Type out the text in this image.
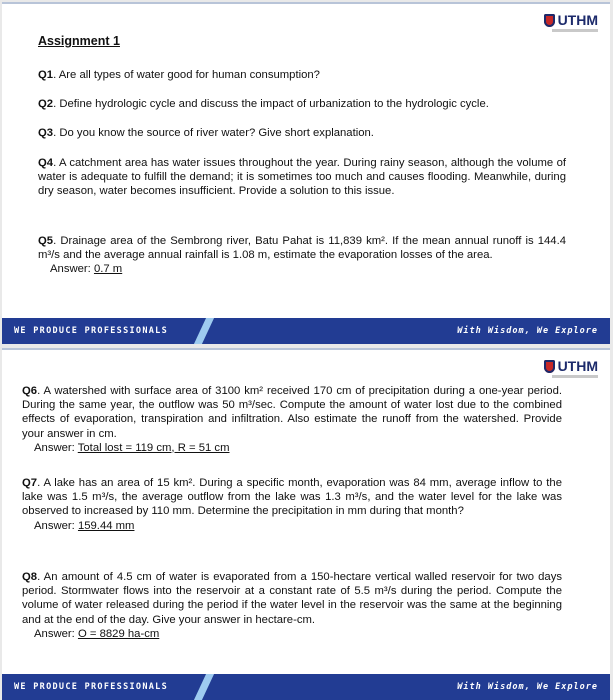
UTHM
Assignment 1
Q1. Are all types of water good for human consumption?
Q2. Define hydrologic cycle and discuss the impact of urbanization to the hydrologic cycle.
Q3. Do you know the source of river water? Give short explanation.
Q4. A catchment area has water issues throughout the year. During rainy season, although the volume of water is adequate to fulfill the demand; it is sometimes too much and causes flooding. Meanwhile, during dry season, water becomes insufficient. Provide a solution to this issue.
Q5. Drainage area of the Sembrong river, Batu Pahat is 11,839 km². If the mean annual runoff is 144.4 m³/s and the average annual rainfall is 1.08 m, estimate the evaporation losses of the area.
Answer: 0.7 m
WE PRODUCE PROFESSIONALS	With Wisdom, We Explore
UTHM
Q6. A watershed with surface area of 3100 km² received 170 cm of precipitation during a one-year period. During the same year, the outflow was 50 m³/sec. Compute the amount of water lost due to the combined effects of evaporation, transpiration and infiltration. Also estimate the runoff from the watershed. Provide your answer in cm.
Answer: Total lost = 119 cm, R = 51 cm
Q7. A lake has an area of 15 km². During a specific month, evaporation was 84 mm, average inflow to the lake was 1.5 m³/s, the average outflow from the lake was 1.3 m³/s, and the water level for the lake was observed to increased by 110 mm. Determine the precipitation in mm during that month?
Answer: 159.44 mm
Q8. An amount of 4.5 cm of water is evaporated from a 150-hectare vertical walled reservoir for two days period. Stormwater flows into the reservoir at a constant rate of 5.5 m³/s during the period. Compute the volume of water released during the period if the water level in the reservoir was the same at the beginning and at the end of the day. Give your answer in hectare-cm.
Answer: O = 8829 ha-cm
WE PRODUCE PROFESSIONALS	With Wisdom, We Explore
